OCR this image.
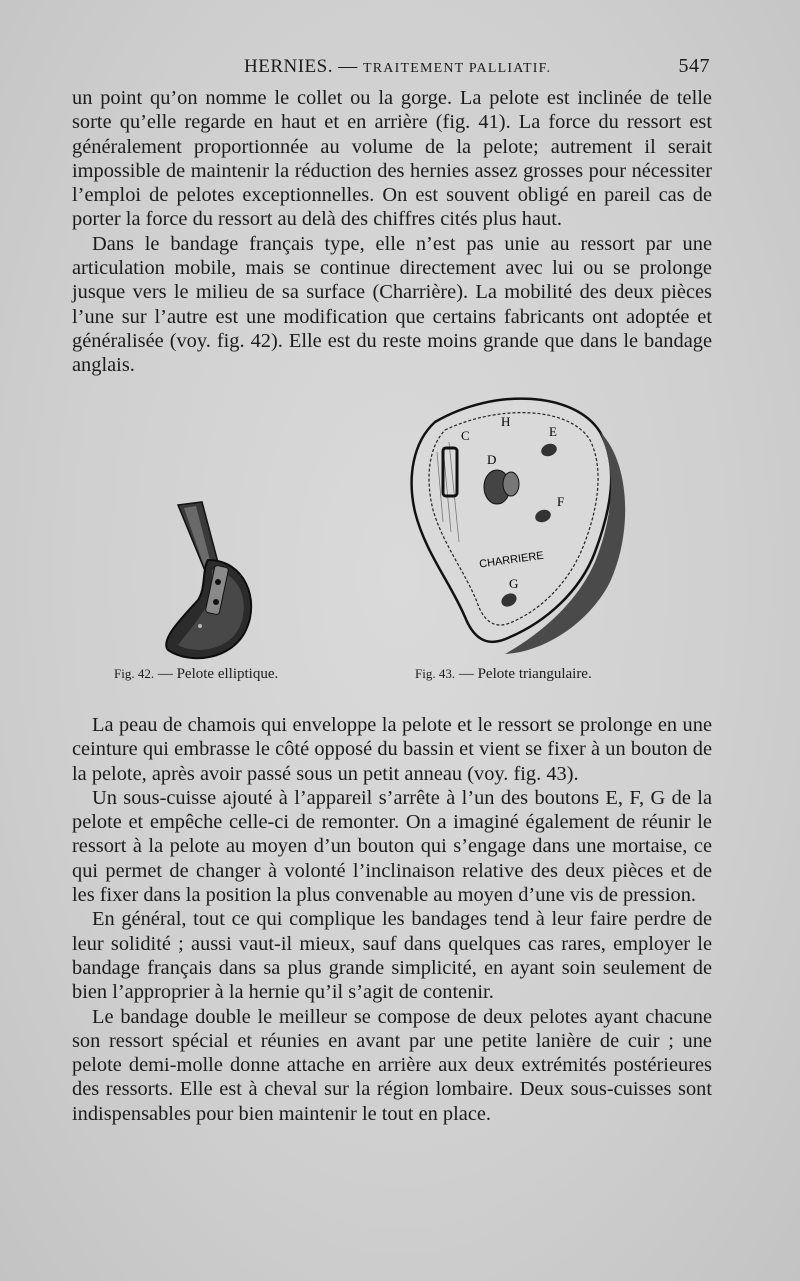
HERNIES. — TRAITEMENT PALLIATIF.	547

un point qu’on nomme le collet ou la gorge. La pelote est inclinée de telle sorte qu’elle regarde en haut et en arrière (fig. 41). La force du ressort est généralement proportionnée au volume de la pelote; autrement il serait impossible de maintenir la réduction des hernies assez grosses pour nécessiter l’emploi de pelotes exceptionnelles. On est souvent obligé en pareil cas de porter la force du ressort au delà des chiffres cités plus haut.

Dans le bandage français type, elle n’est pas unie au ressort par une articulation mobile, mais se continue directement avec lui ou se prolonge jusque vers le milieu de sa surface (Charrière). La mobilité des deux pièces l’une sur l’autre est une modification que certains fabricants ont adoptée et généralisée (voy. fig. 42). Elle est du reste moins grande que dans le bandage anglais.

H
C	E
D
F
G
CHARRIERE
Fig. 42. — Pelote elliptique.	Fig. 43. — Pelote triangulaire.

La peau de chamois qui enveloppe la pelote et le ressort se prolonge en une ceinture qui embrasse le côté opposé du bassin et vient se fixer à un bouton de la pelote, après avoir passé sous un petit anneau (voy. fig. 43).

Un sous-cuisse ajouté à l’appareil s’arrête à l’un des boutons E, F, G de la pelote et empêche celle-ci de remonter. On a imaginé également de réunir le ressort à la pelote au moyen d’un bouton qui s’engage dans une mortaise, ce qui permet de changer à volonté l’inclinaison relative des deux pièces et de les fixer dans la position la plus convenable au moyen d’une vis de pression.

En général, tout ce qui complique les bandages tend à leur faire perdre de leur solidité ; aussi vaut-il mieux, sauf dans quelques cas rares, employer le bandage français dans sa plus grande simplicité, en ayant soin seulement de bien l’approprier à la hernie qu’il s’agit de contenir.

Le bandage double le meilleur se compose de deux pelotes ayant chacune son ressort spécial et réunies en avant par une petite lanière de cuir ; une pelote demi-molle donne attache en arrière aux deux extrémités postérieures des ressorts. Elle est à cheval sur la région lombaire. Deux sous-cuisses sont indispensables pour bien maintenir le tout en place.
